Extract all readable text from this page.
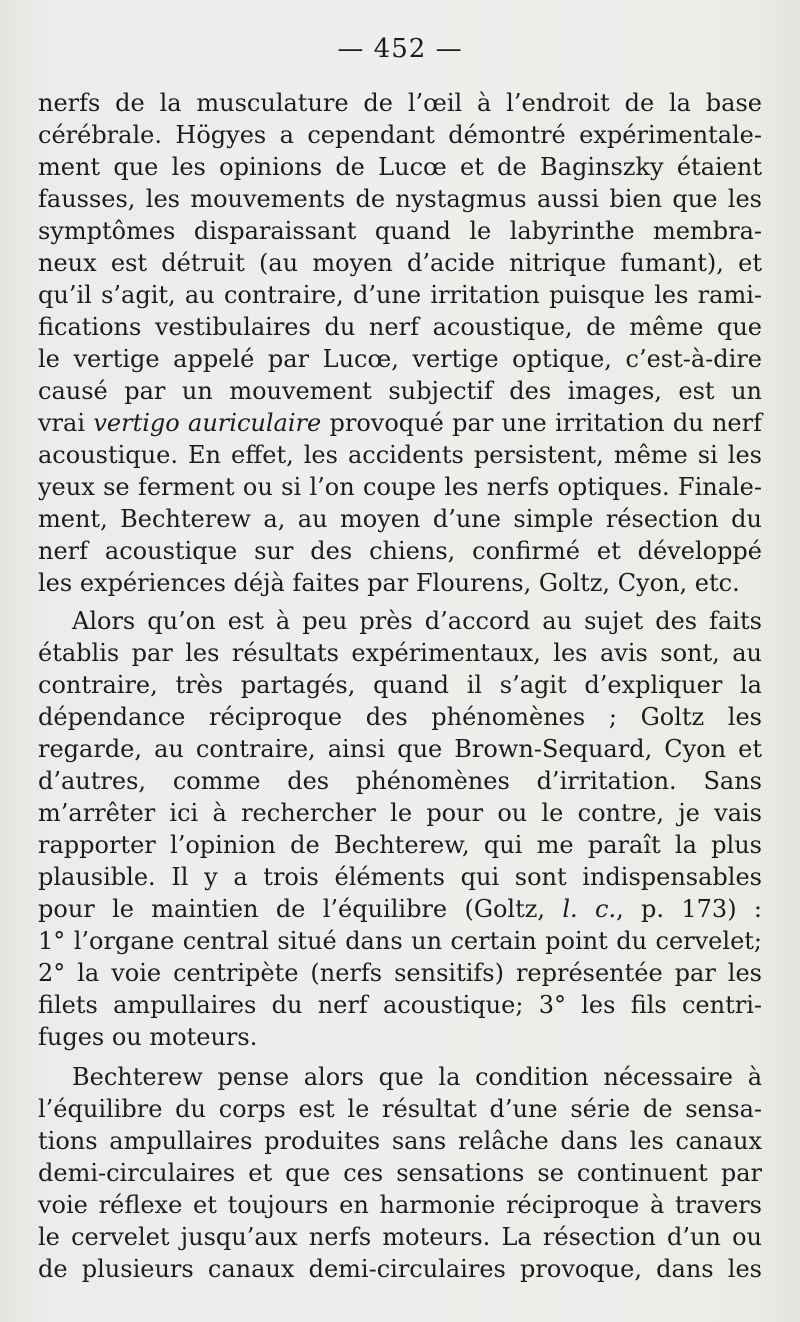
— 452 —
nerfs de la musculature de l’œil à l’endroit de la base
cérébrale. Högyes a cependant démontré expérimentale-
ment que les opinions de Lucœ et de Baginszky étaient
fausses, les mouvements de nystagmus aussi bien que les
symptômes disparaissant quand le labyrinthe membra-
neux est détruit (au moyen d’acide nitrique fumant), et
qu’il s’agit, au contraire, d’une irritation puisque les rami-
fications vestibulaires du nerf acoustique, de même que
le vertige appelé par Lucœ, vertige optique, c’est-à-dire
causé par un mouvement subjectif des images, est un
vrai vertigo auriculaire provoqué par une irritation du nerf
acoustique. En effet, les accidents persistent, même si les
yeux se ferment ou si l’on coupe les nerfs optiques. Finale-
ment, Bechterew a, au moyen d’une simple résection du
nerf acoustique sur des chiens, confirmé et développé
les expériences déjà faites par Flourens, Goltz, Cyon, etc.
Alors qu’on est à peu près d’accord au sujet des faits
établis par les résultats expérimentaux, les avis sont, au
contraire, très partagés, quand il s’agit d’expliquer la
dépendance réciproque des phénomènes ; Goltz les
regarde, au contraire, ainsi que Brown-Sequard, Cyon et
d’autres, comme des phénomènes d’irritation. Sans
m’arrêter ici à rechercher le pour ou le contre, je vais
rapporter l’opinion de Bechterew, qui me paraît la plus
plausible. Il y a trois éléments qui sont indispensables
pour le maintien de l’équilibre (Goltz, l. c., p. 173) :
1° l’organe central situé dans un certain point du cervelet;
2° la voie centripète (nerfs sensitifs) représentée par les
filets ampullaires du nerf acoustique; 3° les fils centri-
fuges ou moteurs.
Bechterew pense alors que la condition nécessaire à
l’équilibre du corps est le résultat d’une série de sensa-
tions ampullaires produites sans relâche dans les canaux
demi-circulaires et que ces sensations se continuent par
voie réflexe et toujours en harmonie réciproque à travers
le cervelet jusqu’aux nerfs moteurs. La résection d’un ou
de plusieurs canaux demi-circulaires provoque, dans les
